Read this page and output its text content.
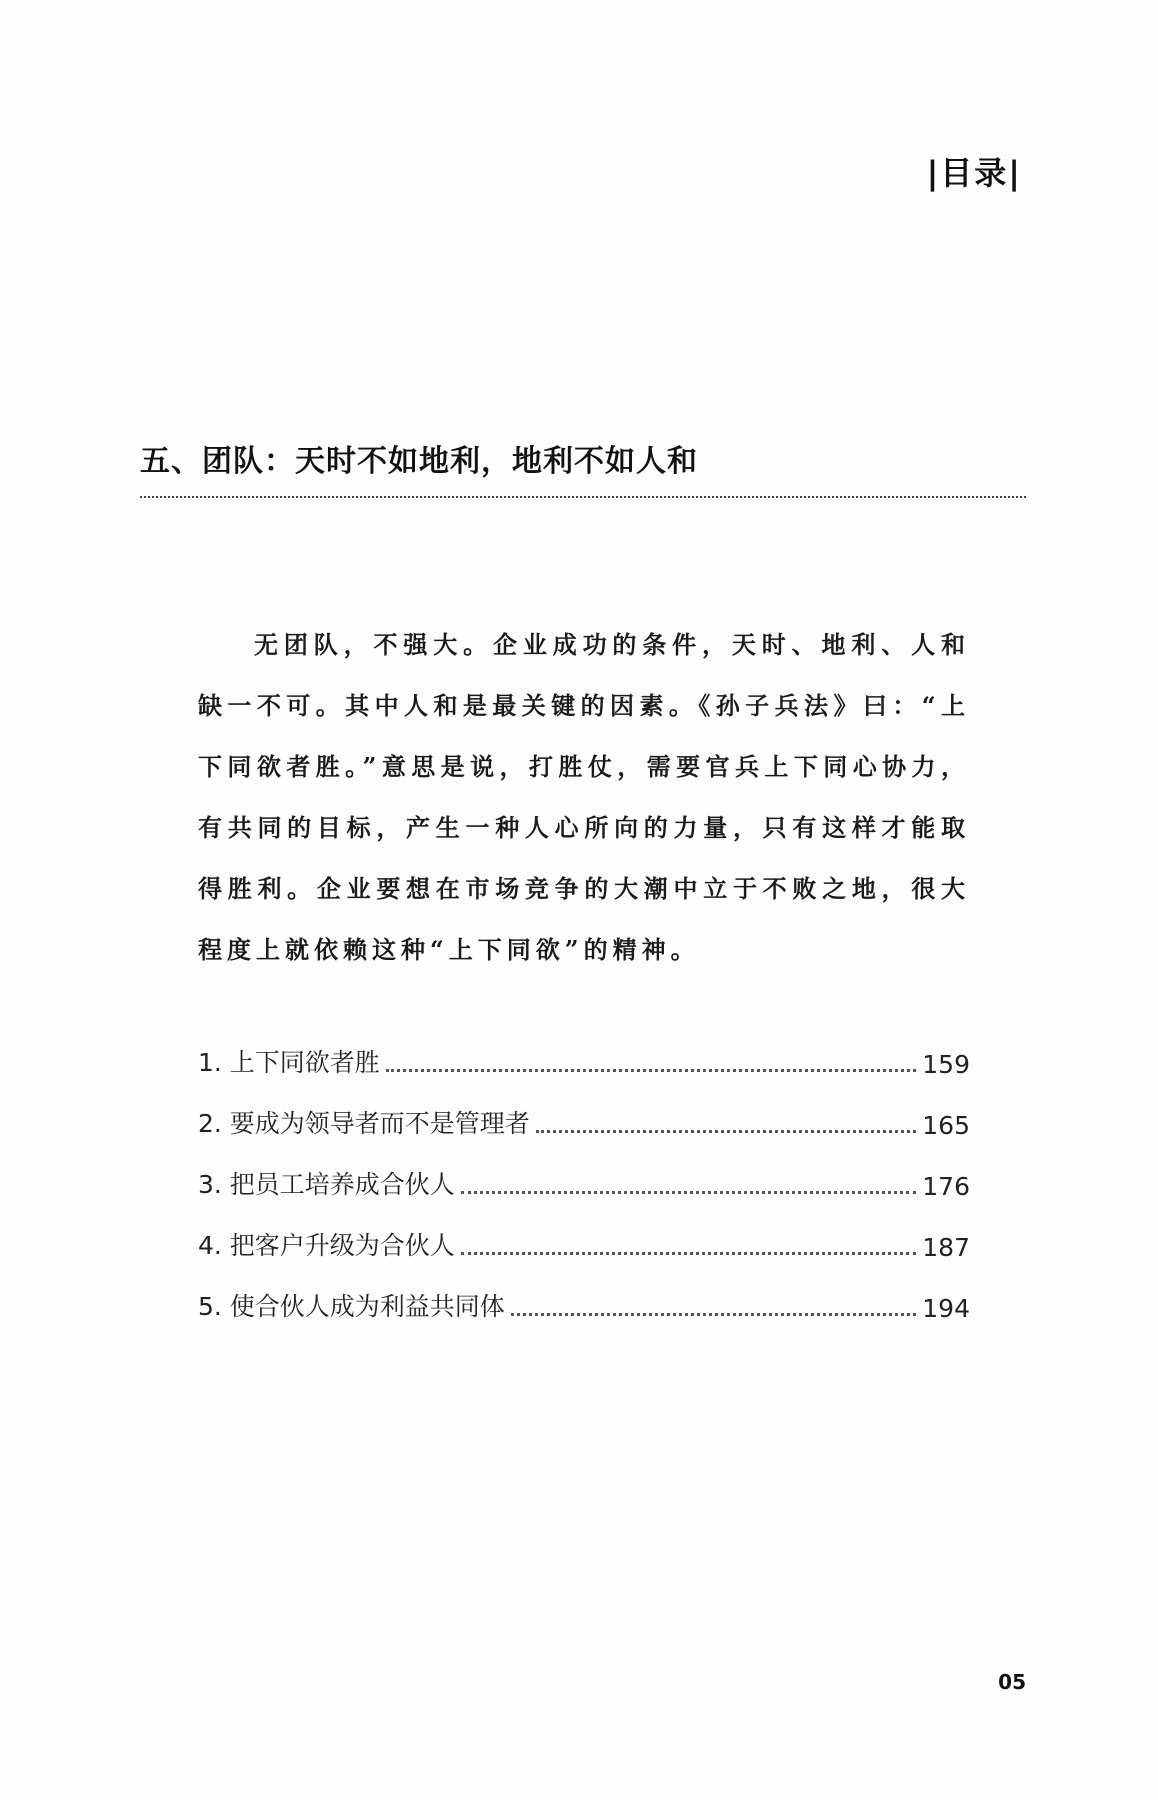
|目录|
五、团队：天时不如地利，地利不如人和

无团队，不强大。企业成功的条件，天时、地利、人和缺一不可。其中人和是最关键的因素。《孙子兵法》曰：“上下同欲者胜。”意思是说，打胜仗，需要官兵上下同心协力，有共同的目标，产生一种人心所向的力量，只有这样才能取得胜利。企业要想在市场竞争的大潮中立于不败之地，很大程度上就依赖这种“上下同欲”的精神。

1. 上下同欲者胜	159
2. 要成为领导者而不是管理者	165
3. 把员工培养成合伙人	176
4. 把客户升级为合伙人	187
5. 使合伙人成为利益共同体	194
05
